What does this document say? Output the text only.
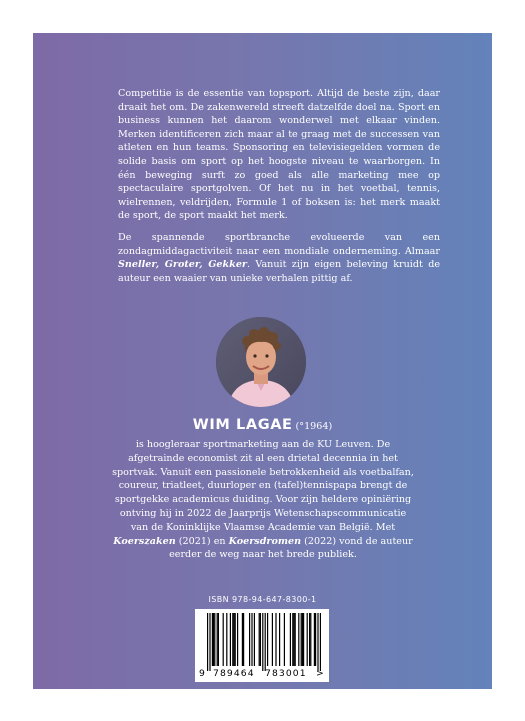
Competitie is de essentie van topsport. Altijd de beste zijn, daar draait het om. De zakenwereld streeft datzelfde doel na. Sport en business kunnen het daarom wonderwel met elkaar vinden. Merken identificeren zich maar al te graag met de successen van atleten en hun teams. Sponsoring en televisiegelden vormen de solide basis om sport op het hoogste niveau te waarborgen. In één beweging surft zo goed als alle marketing mee op spectaculaire sportgolven. Of het nu in het voetbal, tennis, wielrennen, veldrijden, Formule 1 of boksen is: het merk maakt de sport, de sport maakt het merk.

De spannende sportbranche evolueerde van een zondagmiddagactiviteit naar een mondiale onderneming. Almaar Sneller, Groter, Gekker. Vanuit zijn eigen beleving kruidt de auteur een waaier van unieke verhalen pittig af.

WIM LAGAE (°1964)

is hoogleraar sportmarketing aan de KU Leuven. De afgetrainde economist zit al een drietal decennia in het sportvak. Vanuit een passionele betrokkenheid als voetbalfan, coureur, triatleet, duurloper en (tafel)tennispapa brengt de sportgekke academicus duiding. Voor zijn heldere opiniëring ontving hij in 2022 de Jaarprijs Wetenschapscommunicatie van de Koninklijke Vlaamse Academie van België. Met Koerszaken (2021) en Koersdromen (2022) vond de auteur eerder de weg naar het brede publiek.

ISBN 978-94-647-8300-1
9 789464 783001 >
